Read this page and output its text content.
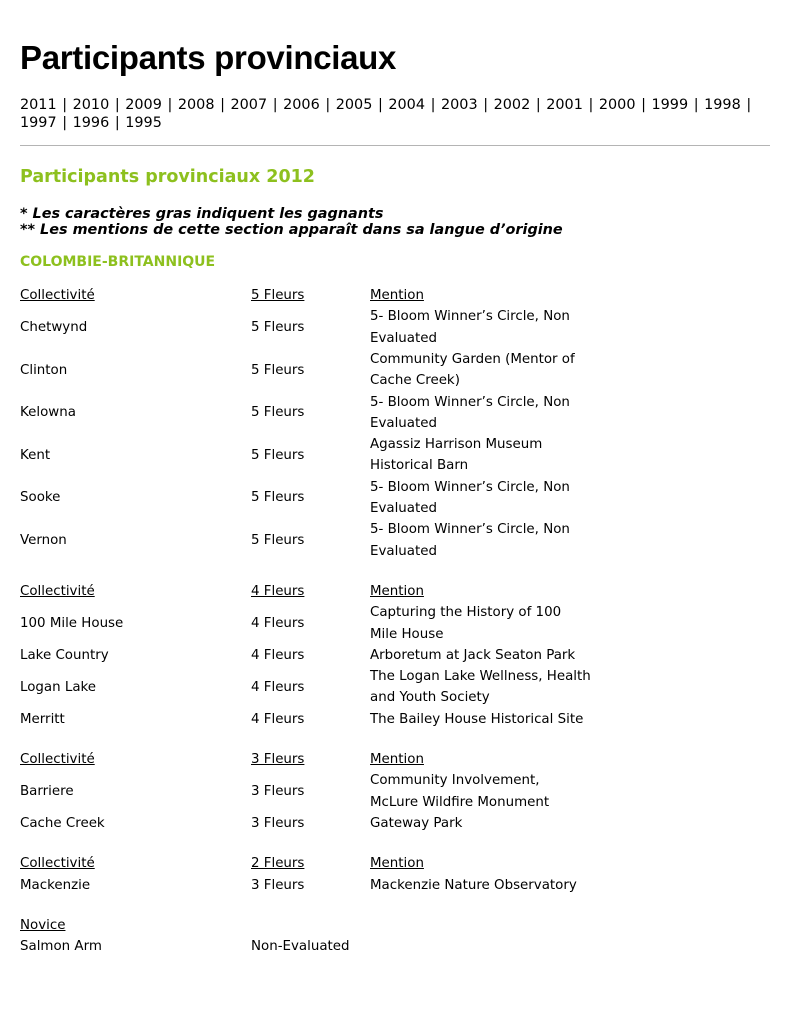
Participants provinciaux
2011 | 2010 | 2009 | 2008 | 2007 | 2006 | 2005 | 2004 | 2003 | 2002 | 2001 | 2000 | 1999 | 1998 | 1997 | 1996 | 1995
Participants provinciaux 2012
* Les caractères gras indiquent les gagnants
** Les mentions de cette section apparaît dans sa langue d’origine
COLOMBIE-BRITANNIQUE
Collectivité	5 Fleurs	Mention
Chetwynd	5 Fleurs
5- Bloom Winner’s Circle, Non
Evaluated
Clinton	5 Fleurs
Community Garden (Mentor of
Cache Creek)
Kelowna	5 Fleurs
5- Bloom Winner’s Circle, Non
Evaluated
Kent	5 Fleurs
Agassiz Harrison Museum
Historical Barn
Sooke	5 Fleurs
5- Bloom Winner’s Circle, Non
Evaluated
Vernon	5 Fleurs
5- Bloom Winner’s Circle, Non
Evaluated
Collectivité	4 Fleurs	Mention
100 Mile House	4 Fleurs
Capturing the History of 100
Mile House
Lake Country	4 Fleurs	Arboretum at Jack Seaton Park
Logan Lake	4 Fleurs
The Logan Lake Wellness, Health
and Youth Society
Merritt	4 Fleurs	The Bailey House Historical Site
Collectivité	3 Fleurs	Mention
Barriere	3 Fleurs
Community Involvement,
McLure Wildfire Monument
Cache Creek	3 Fleurs	Gateway Park
Collectivité	2 Fleurs	Mention
Mackenzie	3 Fleurs	Mackenzie Nature Observatory
Novice
Salmon Arm	Non-Evaluated
